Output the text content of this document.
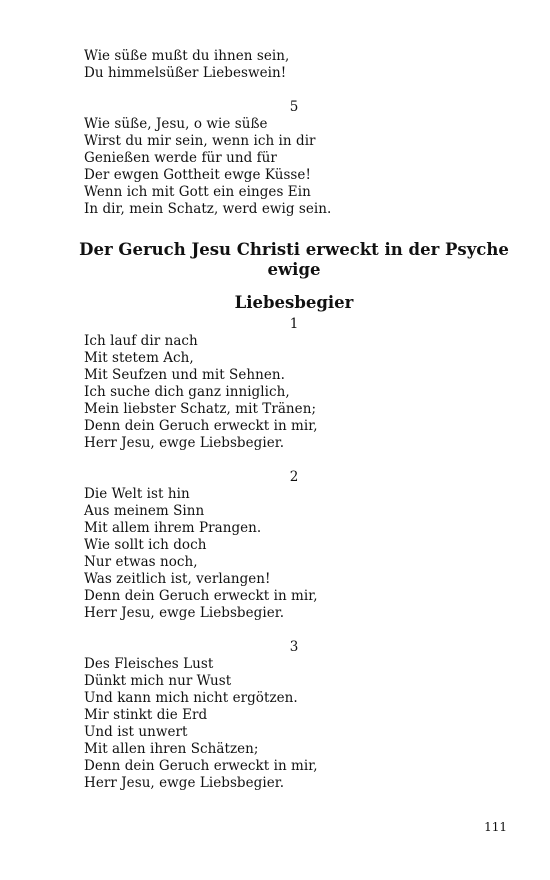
Wie süße mußt du ihnen sein,
Du himmelsüßer Liebeswein!
5
Wie süße, Jesu, o wie süße
Wirst du mir sein, wenn ich in dir
Genießen werde für und für
Der ewgen Gottheit ewge Küsse!
Wenn ich mit Gott ein einges Ein
In dir, mein Schatz, werd ewig sein.
Der Geruch Jesu Christi erweckt in der Psyche ewige
Liebesbegier
1
Ich lauf dir nach
Mit stetem Ach,
Mit Seufzen und mit Sehnen.
Ich suche dich ganz inniglich,
Mein liebster Schatz, mit Tränen;
Denn dein Geruch erweckt in mir,
Herr Jesu, ewge Liebsbegier.
2
Die Welt ist hin
Aus meinem Sinn
Mit allem ihrem Prangen.
Wie sollt ich doch
Nur etwas noch,
Was zeitlich ist, verlangen!
Denn dein Geruch erweckt in mir,
Herr Jesu, ewge Liebsbegier.
3
Des Fleisches Lust
Dünkt mich nur Wust
Und kann mich nicht ergötzen.
Mir stinkt die Erd
Und ist unwert
Mit allen ihren Schätzen;
Denn dein Geruch erweckt in mir,
Herr Jesu, ewge Liebsbegier.
111
